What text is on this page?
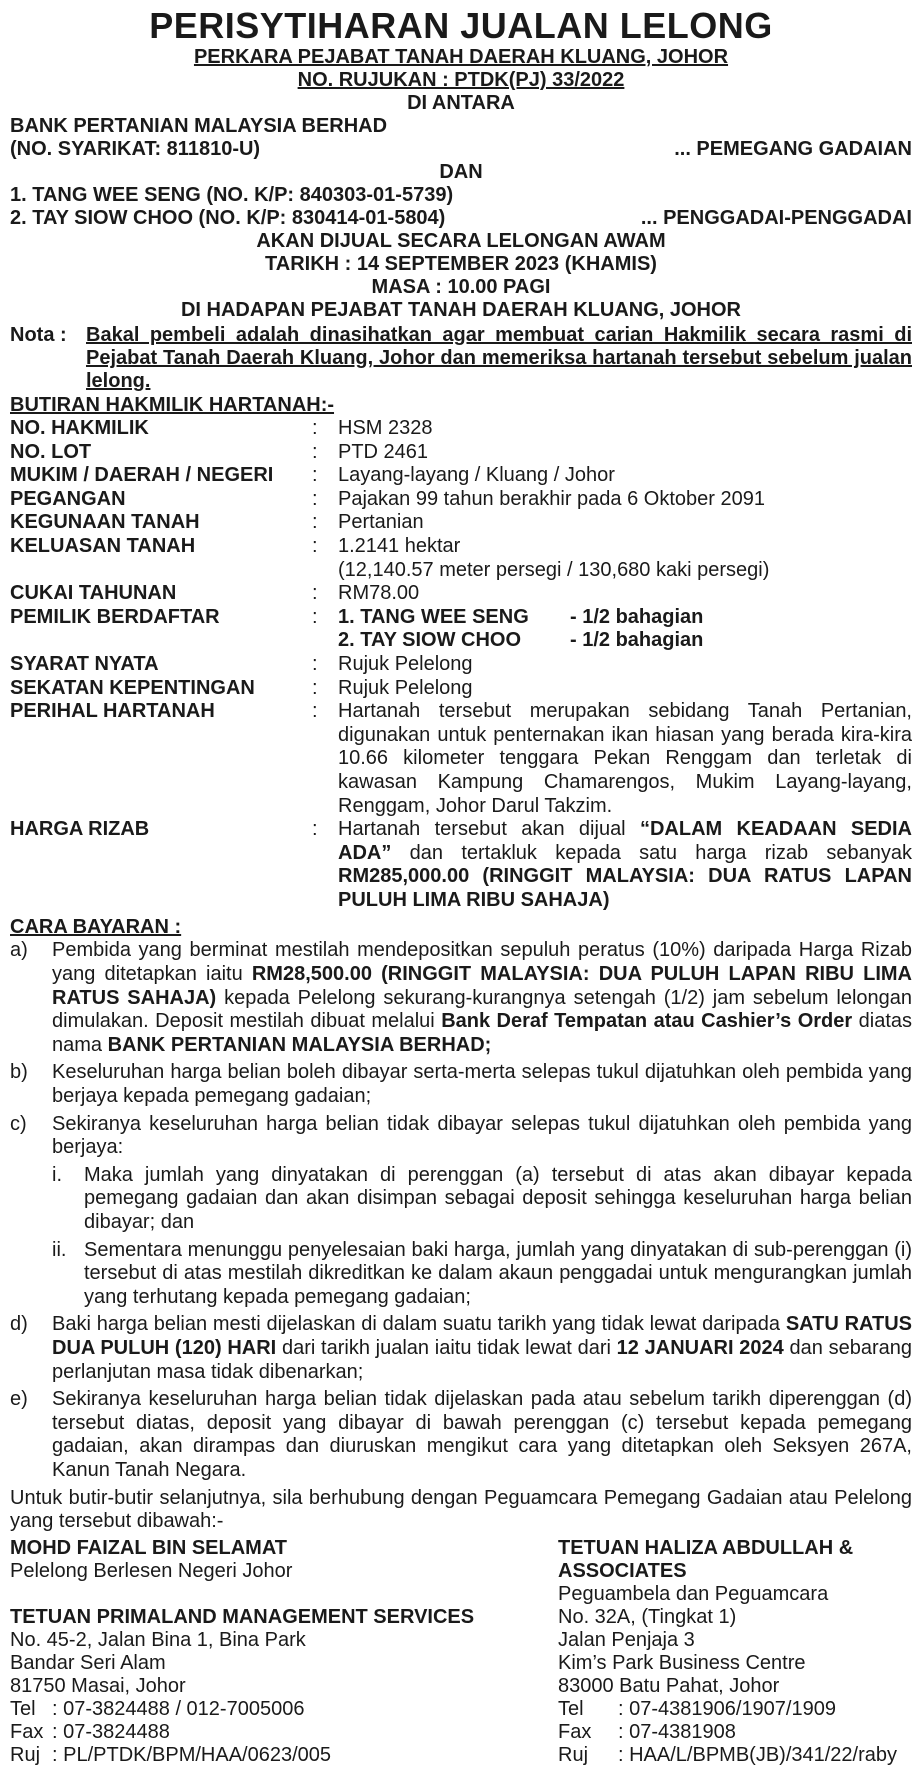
PERISYTIHARAN JUALAN LELONG
PERKARA PEJABAT TANAH DAERAH KLUANG, JOHOR
NO. RUJUKAN : PTDK(PJ) 33/2022
DI ANTARA
BANK PERTANIAN MALAYSIA BERHAD
(NO. SYARIKAT: 811810-U)	... PEMEGANG GADAIAN
DAN
1. TANG WEE SENG (NO. K/P: 840303-01-5739)
2. TAY SIOW CHOO (NO. K/P: 830414-01-5804)	... PENGGADAI-PENGGADAI
AKAN DIJUAL SECARA LELONGAN AWAM
TARIKH : 14 SEPTEMBER 2023 (KHAMIS)
MASA : 10.00 PAGI
DI HADAPAN PEJABAT TANAH DAERAH KLUANG, JOHOR
Nota : Bakal pembeli adalah dinasihatkan agar membuat carian Hakmilik secara rasmi di Pejabat Tanah Daerah Kluang, Johor dan memeriksa hartanah tersebut sebelum jualan lelong.
BUTIRAN HAKMILIK HARTANAH:-
NO. HAKMILIK	:	HSM 2328
NO. LOT	:	PTD 2461
MUKIM / DAERAH / NEGERI	:	Layang-layang / Kluang / Johor
PEGANGAN	:	Pajakan 99 tahun berakhir pada 6 Oktober 2091
KEGUNAAN TANAH	:	Pertanian
KELUASAN TANAH	:	1.2141 hektar
(12,140.57 meter persegi / 130,680 kaki persegi)
CUKAI TAHUNAN	:	RM78.00
PEMILIK BERDAFTAR	:	1. TANG WEE SENG	- 1/2 bahagian
2. TAY SIOW CHOO	- 1/2 bahagian
SYARAT NYATA	:	Rujuk Pelelong
SEKATAN KEPENTINGAN	:	Rujuk Pelelong
PERIHAL HARTANAH	:	Hartanah tersebut merupakan sebidang Tanah Pertanian, digunakan untuk penternakan ikan hiasan yang berada kira-kira 10.66 kilometer tenggara Pekan Renggam dan terletak di kawasan Kampung Chamarengos, Mukim Layang-layang, Renggam, Johor Darul Takzim.
HARGA RIZAB	:	Hartanah tersebut akan dijual “DALAM KEADAAN SEDIA ADA” dan tertakluk kepada satu harga rizab sebanyak RM285,000.00 (RINGGIT MALAYSIA: DUA RATUS LAPAN PULUH LIMA RIBU SAHAJA)
CARA BAYARAN :
a)	Pembida yang berminat mestilah mendepositkan sepuluh peratus (10%) daripada Harga Rizab yang ditetapkan iaitu RM28,500.00 (RINGGIT MALAYSIA: DUA PULUH LAPAN RIBU LIMA RATUS SAHAJA) kepada Pelelong sekurang-kurangnya setengah (1/2) jam sebelum lelongan dimulakan. Deposit mestilah dibuat melalui Bank Deraf Tempatan atau Cashier’s Order diatas nama BANK PERTANIAN MALAYSIA BERHAD;
b)	Keseluruhan harga belian boleh dibayar serta-merta selepas tukul dijatuhkan oleh pembida yang berjaya kepada pemegang gadaian;
c)	Sekiranya keseluruhan harga belian tidak dibayar selepas tukul dijatuhkan oleh pembida yang berjaya:
i.	Maka jumlah yang dinyatakan di perenggan (a) tersebut di atas akan dibayar kepada pemegang gadaian dan akan disimpan sebagai deposit sehingga keseluruhan harga belian dibayar; dan
ii. Sementara menunggu penyelesaian baki harga, jumlah yang dinyatakan di sub-perenggan (i) tersebut di atas mestilah dikreditkan ke dalam akaun penggadai untuk mengurangkan jumlah yang terhutang kepada pemegang gadaian;
d)	Baki harga belian mesti dijelaskan di dalam suatu tarikh yang tidak lewat daripada SATU RATUS DUA PULUH (120) HARI dari tarikh jualan iaitu tidak lewat dari 12 JANUARI 2024 dan sebarang perlanjutan masa tidak dibenarkan;
e)	Sekiranya keseluruhan harga belian tidak dijelaskan pada atau sebelum tarikh diperenggan (d) tersebut diatas, deposit yang dibayar di bawah perenggan (c) tersebut kepada pemegang gadaian, akan dirampas dan diuruskan mengikut cara yang ditetapkan oleh Seksyen 267A, Kanun Tanah Negara.
Untuk butir-butir selanjutnya, sila berhubung dengan Peguamcara Pemegang Gadaian atau Pelelong yang tersebut dibawah:-
MOHD FAIZAL BIN SELAMAT
Pelelong Berlesen Negeri Johor
TETUAN PRIMALAND MANAGEMENT SERVICES
No. 45-2, Jalan Bina 1, Bina Park
Bandar Seri Alam
81750 Masai, Johor
Tel : 07-3824488 / 012-7005006
Fax : 07-3824488
Ruj : PL/PTDK/BPM/HAA/0623/005
TETUAN HALIZA ABDULLAH &
ASSOCIATES
Peguambela dan Peguamcara
No. 32A, (Tingkat 1)
Jalan Penjaja 3
Kim’s Park Business Centre
83000 Batu Pahat, Johor
Tel	: 07-4381906/1907/1909
Fax	: 07-4381908
Ruj	: HAA/L/BPMB(JB)/341/22/raby
